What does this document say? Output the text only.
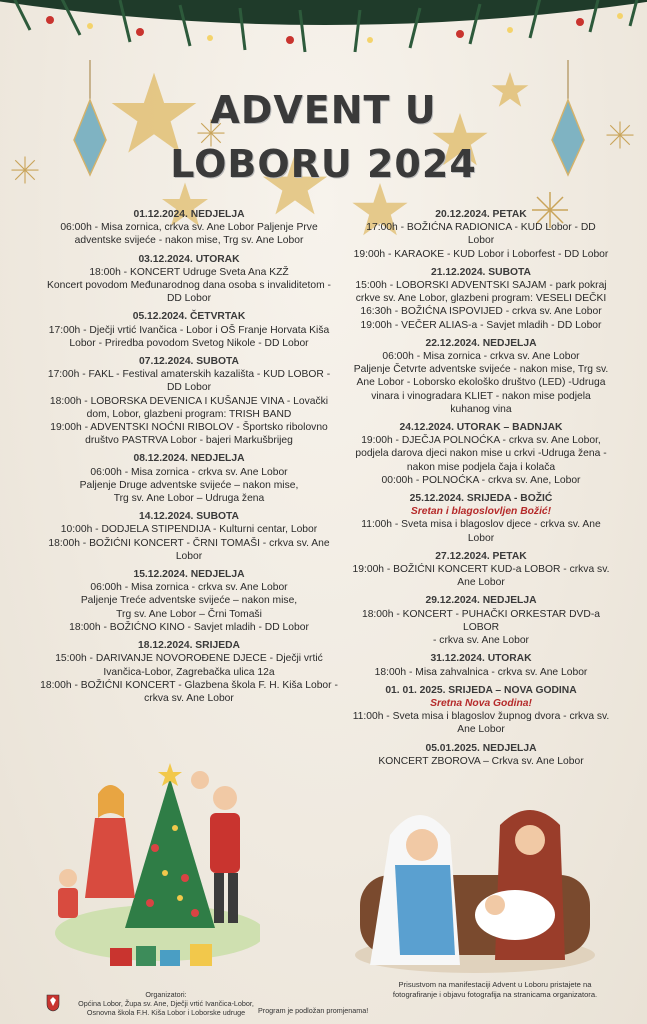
ADVENT U
LOBORU 2024
01.12.2024. NEDJELJA
06:00h - Misa zornica, crkva sv. Ane Lobor Paljenje Prve adventske svijeće - nakon mise, Trg sv. Ane Lobor
03.12.2024. UTORAK
18:00h - KONCERT Udruge Sveta Ana KZŽ
Koncert povodom Međunarodnog dana osoba s invaliditetom - DD Lobor
05.12.2024. ČETVRTAK
17:00h - Dječji vrtić Ivančica - Lobor i OŠ Franje Horvata Kiša Lobor - Priredba povodom Svetog Nikole - DD Lobor
07.12.2024. SUBOTA
17:00h - FAKL - Festival amaterskih kazališta - KUD LOBOR - DD Lobor
18:00h - LOBORSKA DEVENICA I KUŠANJE VINA - Lovački dom, Lobor, glazbeni program: TRISH BAND
19:00h - ADVENTSKI NOĆNI RIBOLOV - Športsko ribolovno društvo PASTRVA Lobor - bajeri Markušbrijeg
08.12.2024. NEDJELJA
06:00h - Misa zornica - crkva sv. Ane Lobor
Paljenje Druge adventske svijeće – nakon mise,
Trg sv. Ane Lobor – Udruga žena
14.12.2024. SUBOTA
10:00h - DODJELA STIPENDIJA - Kulturni centar, Lobor
18:00h - BOŽIĆNI KONCERT - ČRNI TOMAŠI - crkva sv. Ane Lobor
15.12.2024. NEDJELJA
06:00h - Misa zornica - crkva sv. Ane Lobor
Paljenje Treće adventske svijeće – nakon mise,
Trg sv. Ane Lobor – Črni Tomaši
18:00h - BOŽIĆNO KINO - Savjet mladih - DD Lobor
18.12.2024. SRIJEDA
15:00h - DARIVANJE NOVOROĐENE DJECE - Dječji vrtić Ivančica-Lobor, Zagrebačka ulica 12a
18:00h - BOŽIĆNI KONCERT - Glazbena škola F. H. Kiša Lobor - crkva sv. Ane Lobor
20.12.2024. PETAK
17:00h - BOŽIĆNA RADIONICA - KUD Lobor - DD Lobor
19:00h - KARAOKE - KUD Lobor i Loborfest - DD Lobor
21.12.2024. SUBOTA
15:00h - LOBORSKI ADVENTSKI SAJAM - park pokraj crkve sv. Ane Lobor, glazbeni program: VESELI DEČKI
16:30h - BOŽIĆNA ISPOVIJED - crkva sv. Ane Lobor
19:00h - VEČER ALIAS-a - Savjet mladih - DD Lobor
22.12.2024. NEDJELJA
06:00h - Misa zornica - crkva sv. Ane Lobor
Paljenje Četvrte adventske svijeće - nakon mise, Trg sv. Ane Lobor - Loborsko ekološko društvo (LED) -Udruga vinara i vinogradara KLIET - nakon mise podjela kuhanog vina
24.12.2024. UTORAK – BADNJAK
19:00h - DJEČJA POLNOĆKA - crkva sv. Ane Lobor, podjela darova djeci nakon mise u crkvi -Udruga žena - nakon mise podjela čaja i kolača
00:00h - POLNOĆKA - crkva sv. Ane, Lobor
25.12.2024. SRIJEDA - BOŽIĆ
Sretan i blagoslovljen Božić!
11:00h - Sveta misa i blagoslov djece - crkva sv. Ane Lobor
27.12.2024. PETAK
19:00h - BOŽIĆNI KONCERT KUD-a LOBOR - crkva sv. Ane Lobor
29.12.2024. NEDJELJA
18:00h - KONCERT - PUHAČKI ORKESTAR DVD-a LOBOR
- crkva sv. Ane Lobor
31.12.2024. UTORAK
18:00h - Misa zahvalnica - crkva sv. Ane Lobor
01. 01. 2025. SRIJEDA – NOVA GODINA
Sretna Nova Godina!
11:00h - Sveta misa i blagoslov župnog dvora - crkva sv. Ane Lobor
05.01.2025. NEDJELJA
KONCERT ZBOROVA – Crkva sv. Ane Lobor
Organizatori:
Općina Lobor, Župa sv. Ane, Dječji vrtić Ivančica-Lobor, Osnovna škola F.H. Kiša Lobor i Loborske udruge	Program je podložan promjenama!
Prisustvom na manifestaciji Advent u Loboru pristajete na fotografiranje i objavu fotografija na stranicama organizatora.
